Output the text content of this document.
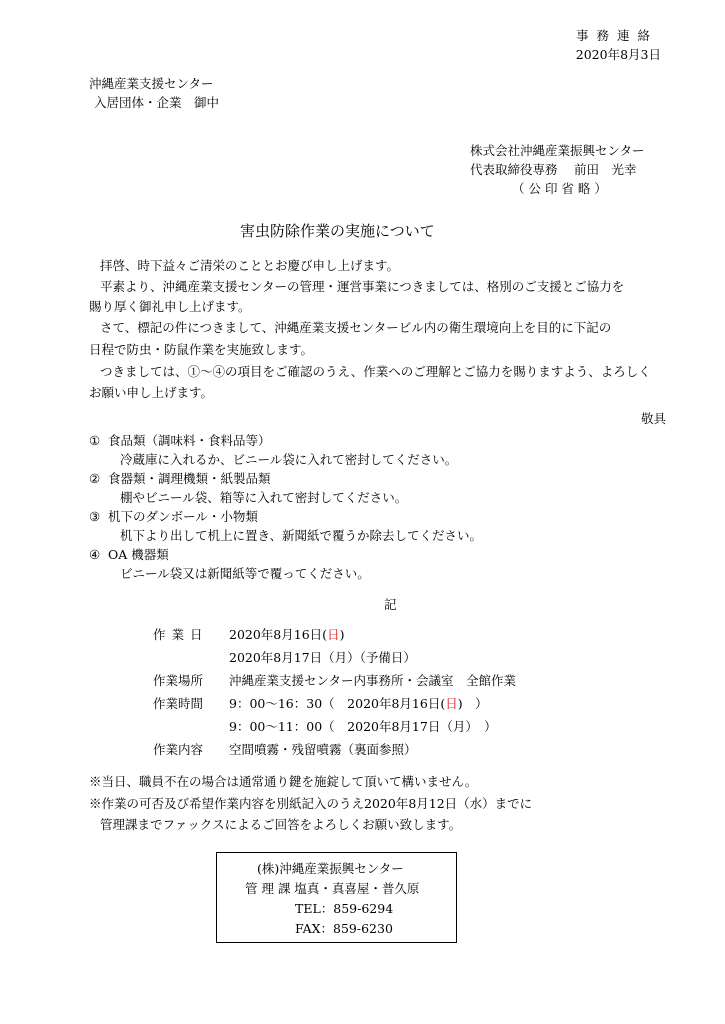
事 務 連 絡
2020年8月3日
沖縄産業支援センター
入居団体・企業　御中
株式会社沖縄産業振興センター
代表取締役専務　 前田　光幸
（ 公 印 省 略 ）
害虫防除作業の実施について
拝啓、時下益々ご清栄のこととお慶び申し上げます。
平素より、沖縄産業支援センターの管理・運営事業につきましては、格別のご支援とご協力を
賜り厚く御礼申し上げます。
さて、標記の件につきまして、沖縄産業支援センタービル内の衛生環境向上を目的に下記の
日程で防虫・防鼠作業を実施致します。
つきましては、①～④の項目をご確認のうえ、作業へのご理解とご協力を賜りますよう、よろしく
お願い申し上げます。
敬具
① 食品類（調味料・食料品等）
冷蔵庫に入れるか、ビニール袋に入れて密封してください。
② 食器類・調理機類・紙製品類
棚やビニール袋、箱等に入れて密封してください。
③ 机下のダンボール・小物類
机下より出して机上に置き、新聞紙で覆うか除去してください。
④ OA 機器類
ビニール袋又は新聞紙等で覆ってください。
記
作 業 日 2020年8月16日(日)
2020年8月17日（月）（予備日）
作業場所 沖縄産業支援センター内事務所・会議室　全館作業
作業時間 9：00～16：30（　2020年8月16日(日)　）
9：00～11：00（　2020年8月17日（月）　）
作業内容 空間噴霧・残留噴霧（裏面参照）
※当日、職員不在の場合は通常通り鍵を施錠して頂いて構いません。
※作業の可否及び希望作業内容を別紙記入のうえ2020年8月12日（水）までに
管理課までファックスによるご回答をよろしくお願い致します。
(株)沖縄産業振興センター
管 理 課 塩真・真喜屋・普久原
TEL：859-6294
FAX：859-6230
